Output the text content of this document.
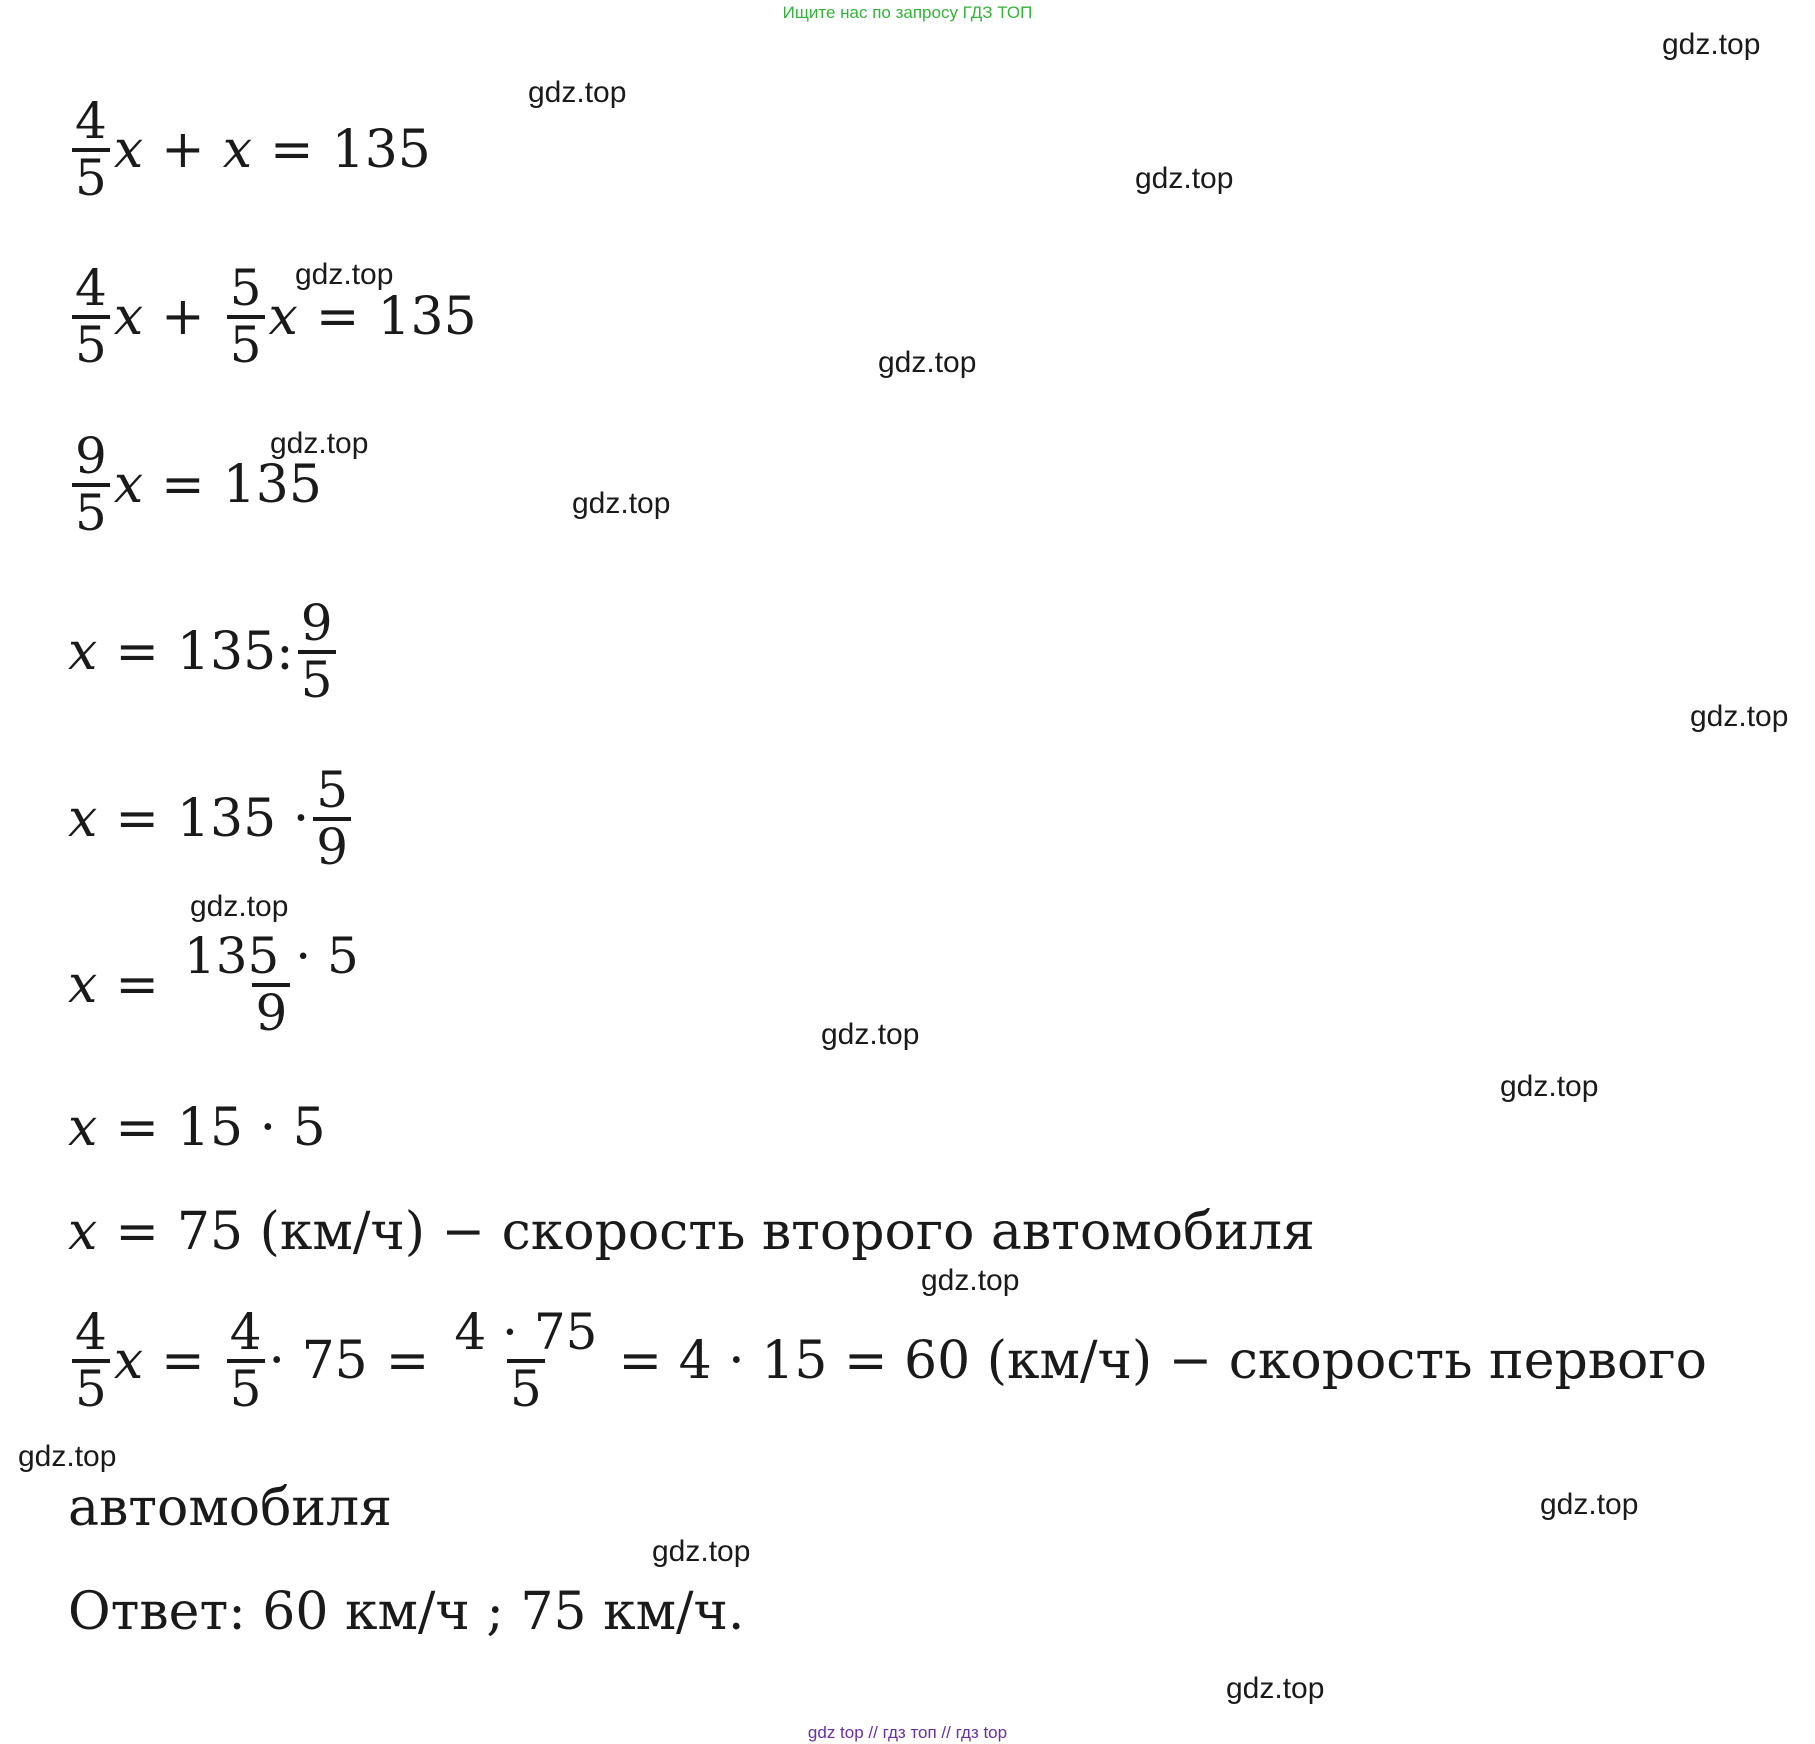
Ищите нас по запросу ГДЗ ТОП
gdz.top
gdz.top
gdz.top
gdz.top
gdz.top
gdz.top
gdz.top
gdz.top
gdz.top
gdz.top
gdz.top
gdz.top
gdz.top
gdz.top
gdz.top
gdz.top
$\frac{4}{5}$ x + x = 135
$\frac{4}{5}$ $x + \frac{5}{5}$ x = 135
$\frac{9}{5}$ x = 135
x = 135: $\frac{9}{5}$
$x = 135 \cdot \frac{5}{9}$
$x = \frac{135 \cdot 5}{9}$
x = 15 · 5
x = 75 (км/ч) − скорость второго автомобиля
$\frac{4}{5}$ $x = \frac{4}{5} \cdot 75 = \frac{4 \cdot 75}{5} = 4 \cdot 15 = 60$ (км/ч) − скорость первого
автомобиля
Ответ: 60 км/ч ; 75 км/ч.
gdz top // гдз топ // гдз top
